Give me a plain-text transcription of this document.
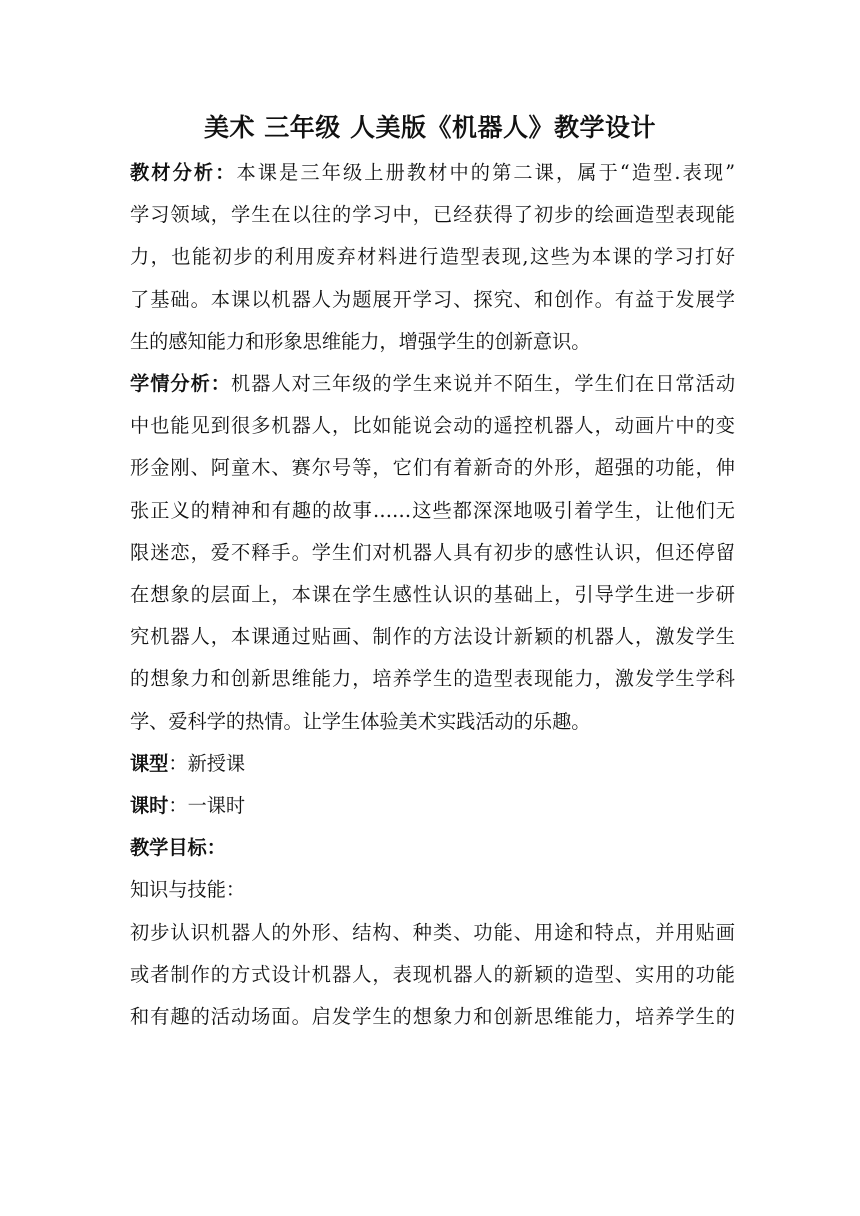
美术 三年级 人美版《机器人》教学设计
教材分析：本课是三年级上册教材中的第二课，属于“造型.表现”
学习领域，学生在以往的学习中，已经获得了初步的绘画造型表现能
力，也能初步的利用废弃材料进行造型表现,这些为本课的学习打好
了基础。本课以机器人为题展开学习、探究、和创作。有益于发展学
生的感知能力和形象思维能力，增强学生的创新意识。
学情分析：机器人对三年级的学生来说并不陌生，学生们在日常活动
中也能见到很多机器人，比如能说会动的遥控机器人，动画片中的变
形金刚、阿童木、赛尔号等，它们有着新奇的外形，超强的功能，伸
张正义的精神和有趣的故事……这些都深深地吸引着学生，让他们无
限迷恋，爱不释手。学生们对机器人具有初步的感性认识，但还停留
在想象的层面上，本课在学生感性认识的基础上，引导学生进一步研
究机器人，本课通过贴画、制作的方法设计新颖的机器人，激发学生
的想象力和创新思维能力，培养学生的造型表现能力，激发学生学科
学、爱科学的热情。让学生体验美术实践活动的乐趣。
课型：新授课
课时：一课时
教学目标：
知识与技能：
初步认识机器人的外形、结构、种类、功能、用途和特点，并用贴画
或者制作的方式设计机器人，表现机器人的新颖的造型、实用的功能
和有趣的活动场面。启发学生的想象力和创新思维能力，培养学生的
